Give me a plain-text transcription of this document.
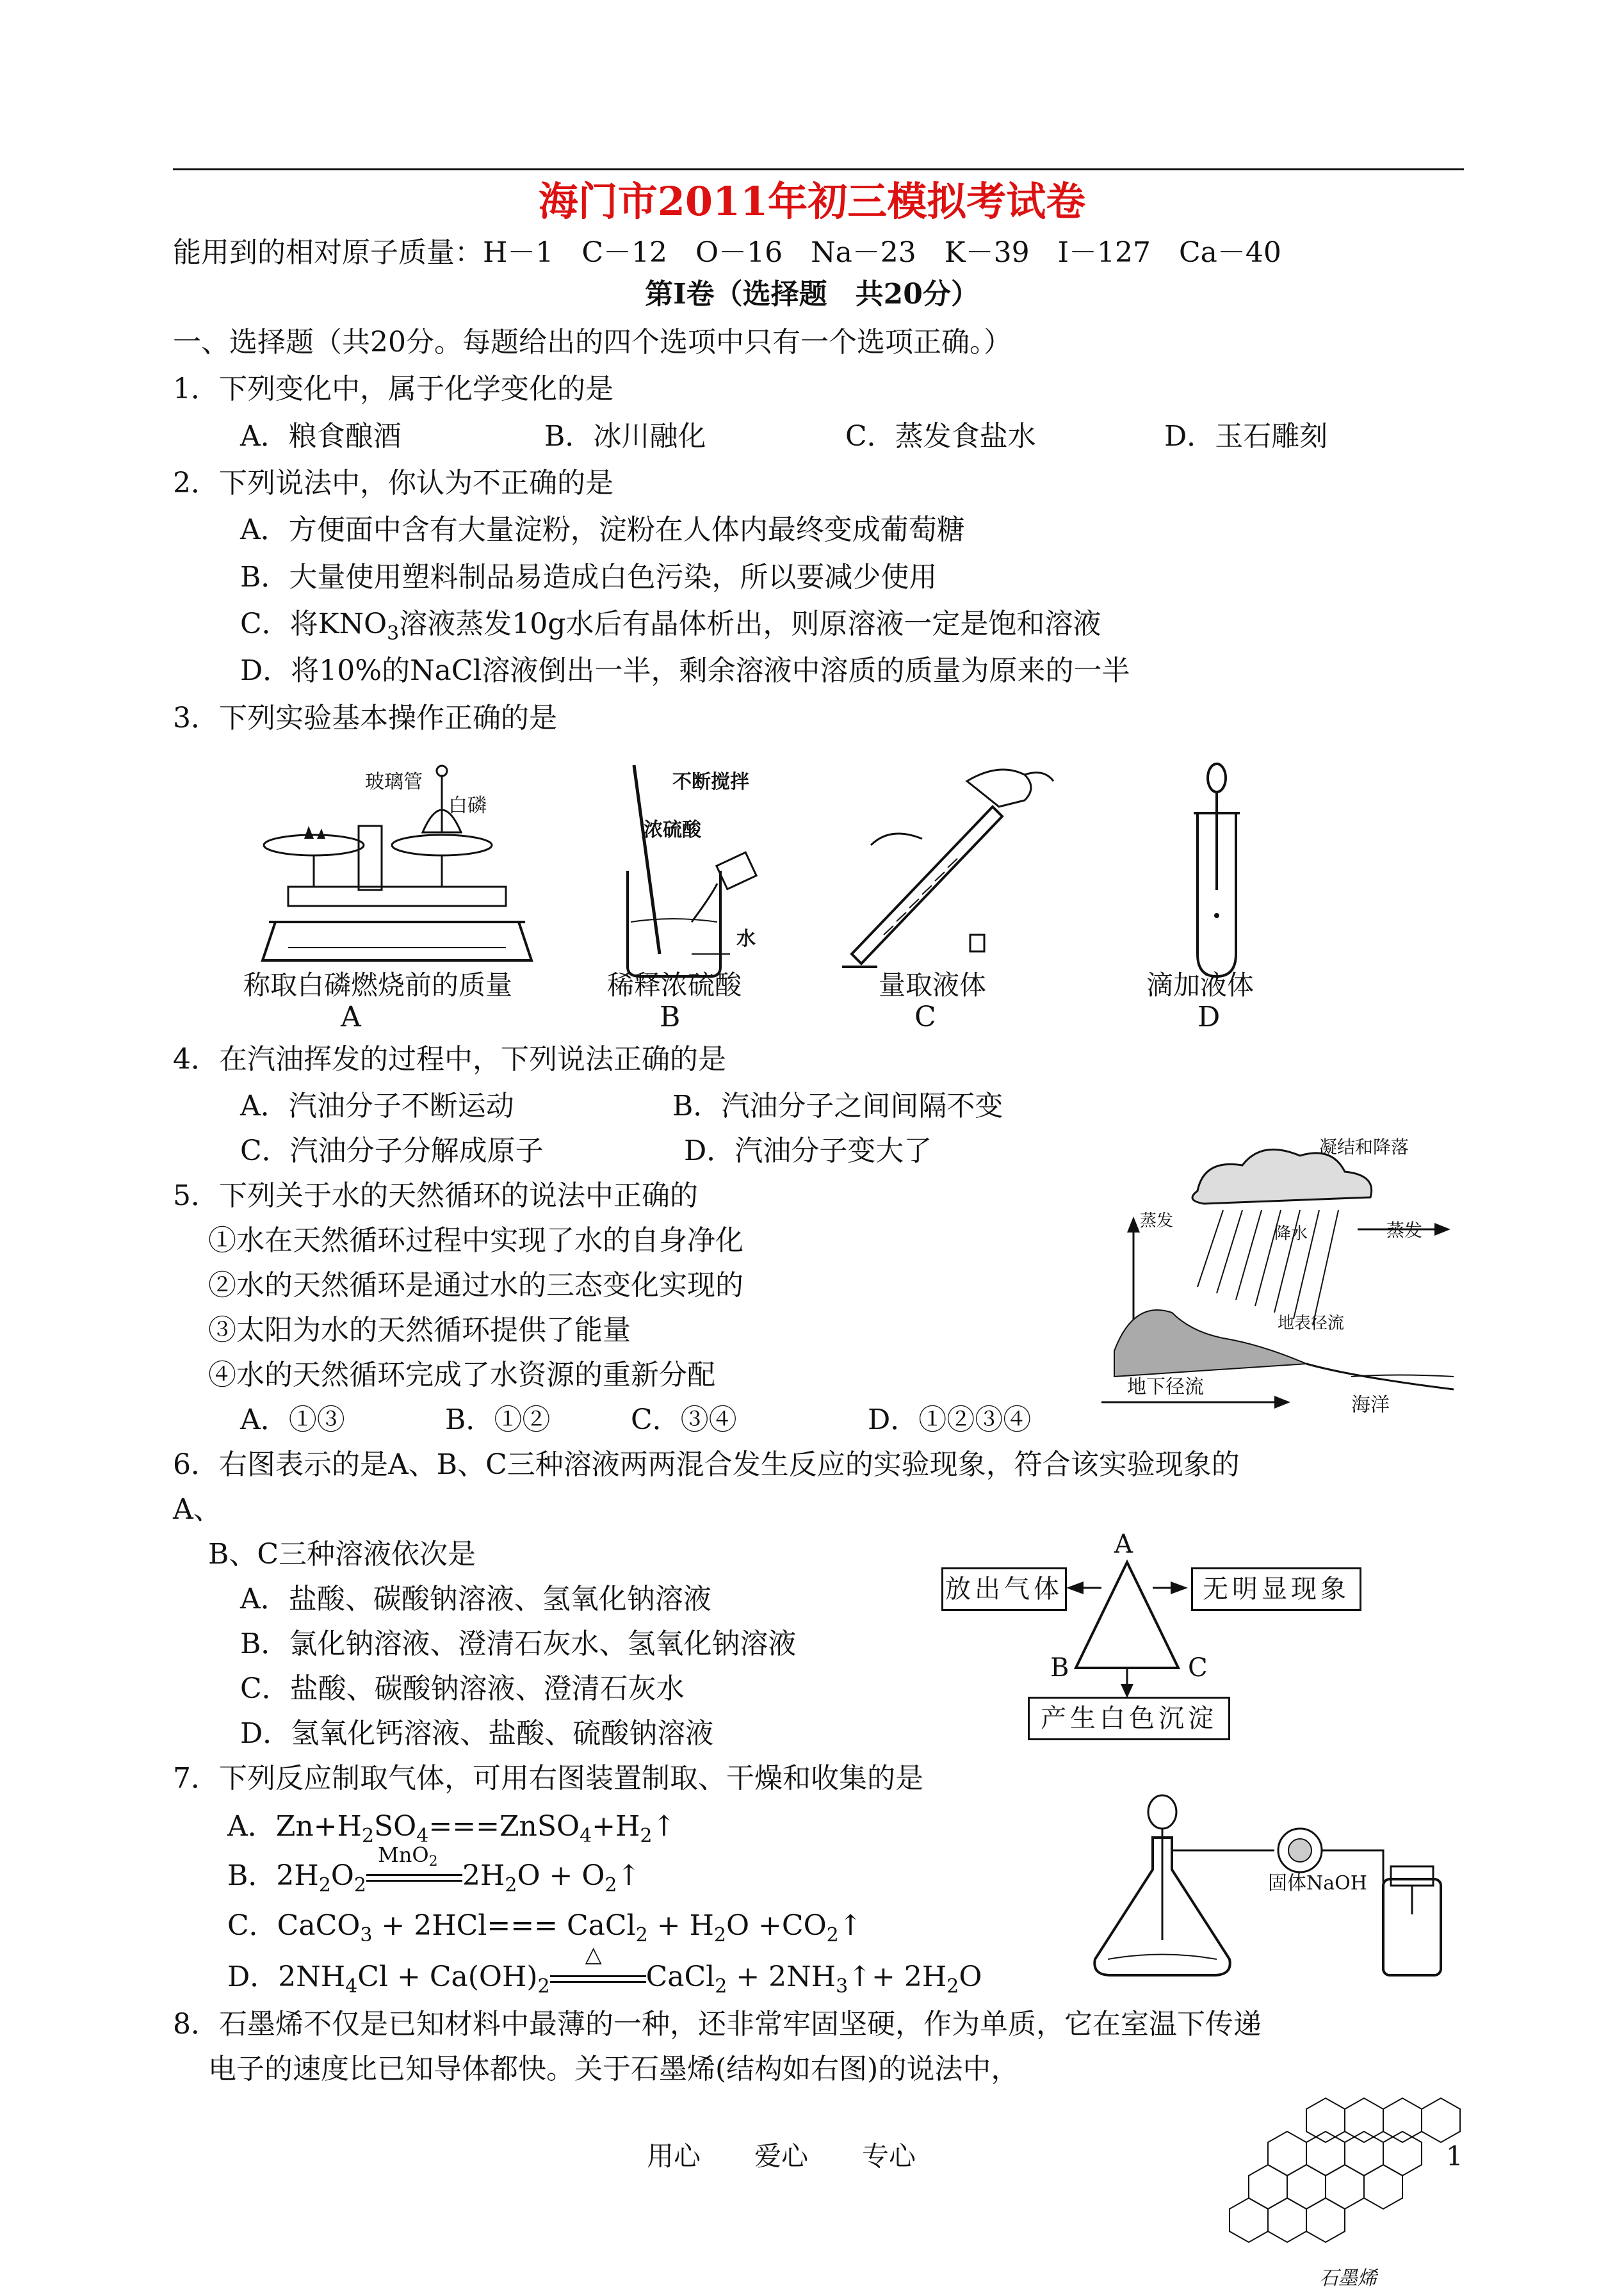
海门市2011年初三模拟考试卷
能用到的相对原子质量：H－1　C－12　O－16　Na－23　K－39　I－127　Ca－40
第Ⅰ卷（选择题　共20分）
一、选择题（共20分。每题给出的四个选项中只有一个选项正确。）
1．下列变化中，属于化学变化的是
A．粮食酿酒	B．冰川融化	C．蒸发食盐水	D．玉石雕刻
2．下列说法中，你认为不正确的是
A．方便面中含有大量淀粉，淀粉在人体内最终变成葡萄糖
B．大量使用塑料制品易造成白色污染，所以要减少使用
C．将$KNO_3$溶液蒸发10g水后有晶体析出，则原溶液一定是饱和溶液
D．将10%的NaCl溶液倒出一半，剩余溶液中溶质的质量为原来的一半
3．下列实验基本操作正确的是
玻璃管
白磷
不断搅拌
浓硫酸
水
称取白磷燃烧前的质量	稀释浓硫酸	量取液体	滴加液体
A	B	C	D
4．在汽油挥发的过程中，下列说法正确的是
A．汽油分子不断运动	B．汽油分子之间间隔不变
C．汽油分子分解成原子	D．汽油分子变大了
5．下列关于水的天然循环的说法中正确的
①水在天然循环过程中实现了水的自身净化
②水的天然循环是通过水的三态变化实现的
③太阳为水的天然循环提供了能量
④水的天然循环完成了水资源的重新分配
A．①③	B．①②	C．③④	D．①②③④
凝结和降落
蒸发
降水	蒸发
地表径流
地下径流
海洋
6．右图表示的是A、B、C三种溶液两两混合发生反应的实验现象，符合该实验现象的
A、
B、C三种溶液依次是
A．盐酸、碳酸钠溶液、氢氧化钠溶液
B．氯化钠溶液、澄清石灰水、氢氧化钠溶液
C．盐酸、碳酸钠溶液、澄清石灰水
D．氢氧化钙溶液、盐酸、硫酸钠溶液
放出气体	无明显现象
产生白色沉淀
A
B	C
7．下列反应制取气体，可用右图装置制取、干燥和收集的是
A．$Zn+H_2SO_4===ZnSO_4+H_2↑$
B．$2H_2O_2$
MnO2 $2H_2O$ + $O_2↑$
C．CaCO$_3$ + 2HCl=== CaCl$_2$ + $H_2O$ $+CO_2↑$
D．$2NH_4Cl + Ca(OH)_2$
△
CaCl$_2$ + $2NH_3↑+ 2H_2O$
固体NaOH
8．石墨烯不仅是已知材料中最薄的一种，还非常牢固坚硬，作为单质，它在室温下传递
电子的速度比已知导体都快。关于石墨烯(结构如右图)的说法中，
石墨烯
用心　　爱心　　专心	1
